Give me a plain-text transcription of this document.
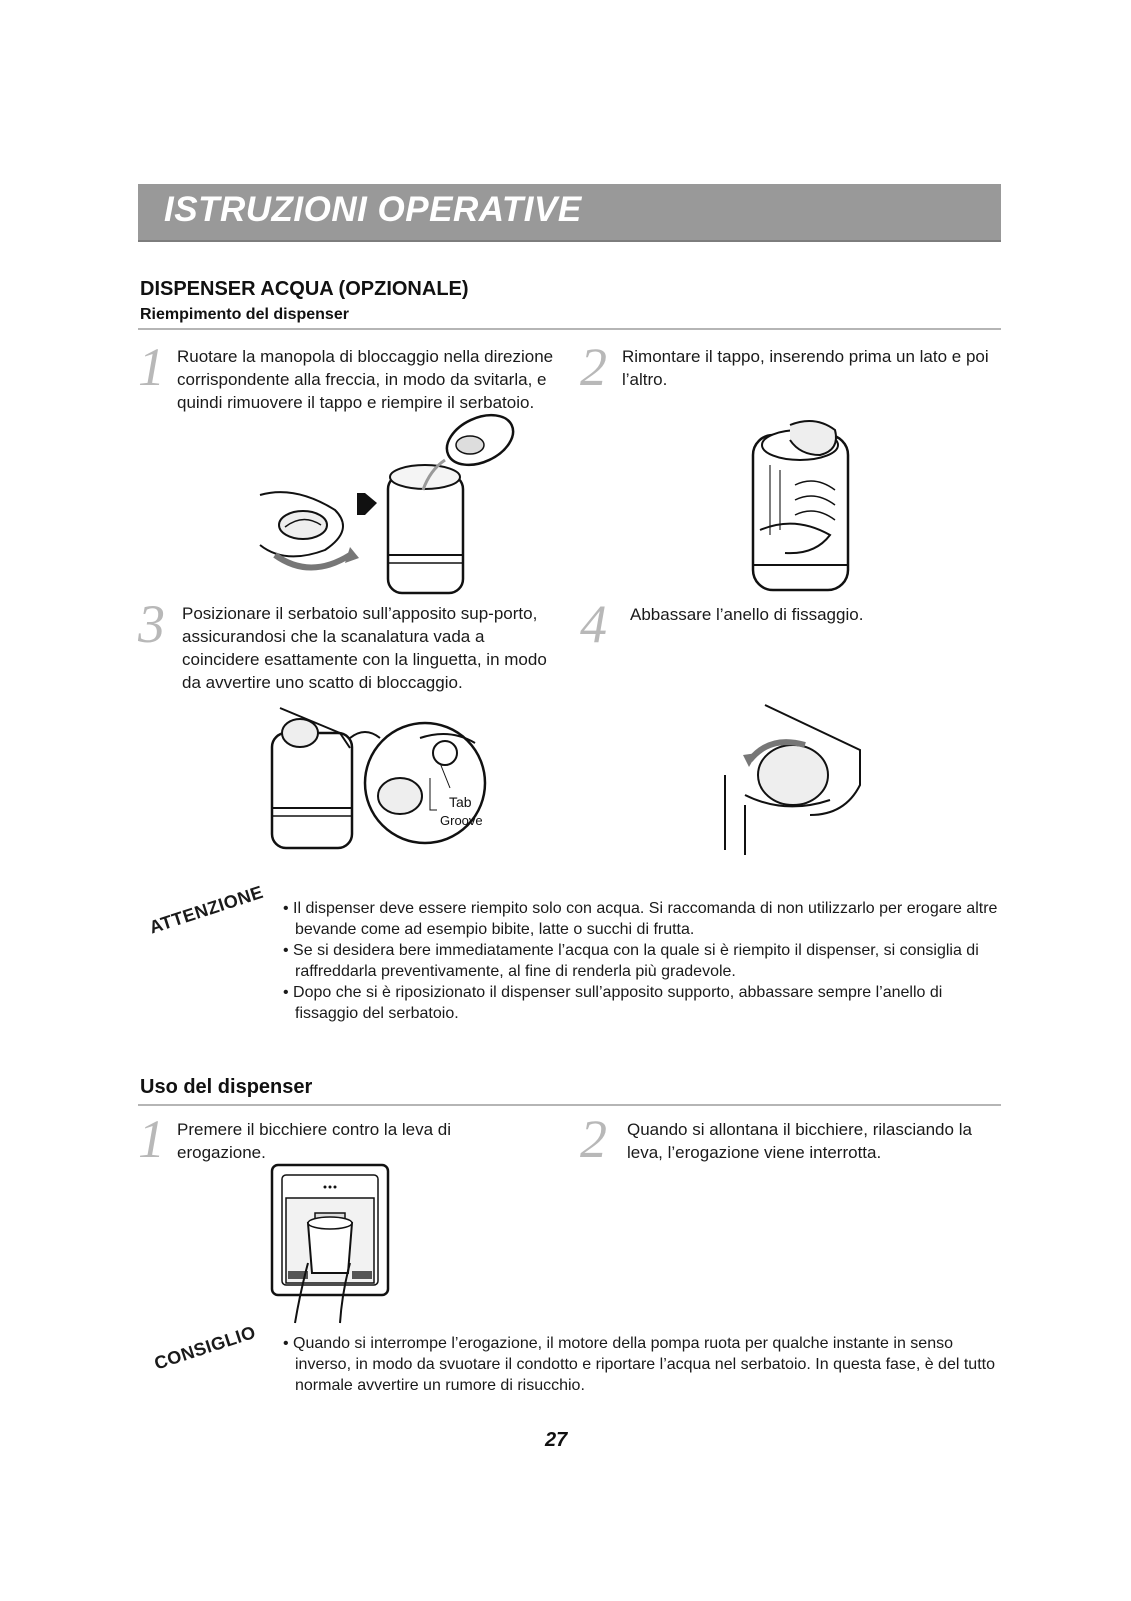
ISTRUZIONI OPERATIVE
DISPENSER ACQUA (OPZIONALE)
Riempimento del dispenser
1 Ruotare la manopola di bloccaggio nella direzione corrispondente alla freccia, in modo da svitarla, e quindi rimuovere il tappo e riempire il serbatoio.
2 Rimontare il tappo, inserendo prima un lato e poi l’altro.
3 Posizionare il serbatoio sull’apposito sup-porto, assicurandosi che la scanalatura vada a coincidere esattamente con la linguetta, in modo da avvertire uno scatto di bloccaggio.
4 Abbassare l’anello di fissaggio.
Tab
Groove
ATTENZIONE • Il dispenser deve essere riempito solo con acqua. Si raccomanda di non utilizzarlo per erogare altre bevande come ad esempio bibite, latte o succhi di frutta.

• Se si desidera bere immediatamente l’acqua con la quale si è riempito il dispenser, si consiglia di raffreddarla preventivamente, al fine di renderla più gradevole.

• Dopo che si è riposizionato il dispenser sull’apposito supporto, abbassare sempre l’anello di fissaggio del serbatoio.

Uso del dispenser
1 Premere il bicchiere contro la leva di erogazione.	2 Quando si allontana il bicchiere, rilasciando la leva, l’erogazione viene interrotta.
CONSIGLIO • Quando si interrompe l’erogazione, il motore della pompa ruota per qualche instante in senso inverso, in modo da svuotare il condotto e riportare l’acqua nel serbatoio. In questa fase, è del tutto normale avvertire un rumore di risucchio.

27
